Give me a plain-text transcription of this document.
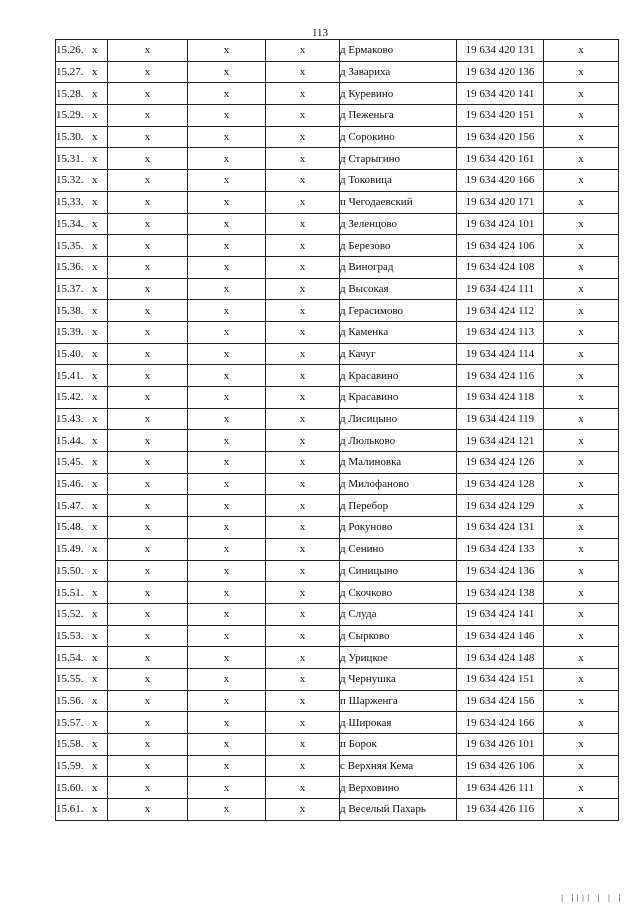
113
15.26. x	x	x	x	д Ермаково	19 634 420 131	x
15.27. x	x	x	x	д Завариха	19 634 420 136	x
15.28. x	x	x	x	д Куревино	19 634 420 141	x
15.29. x	x	x	x	д Пеженьга	19 634 420 151	x
15.30. x	x	x	x	д Сорокино	19 634 420 156	x
15.31. x	x	x	x	д Старыгино	19 634 420 161	x
15.32. x	x	x	x	д Токовица	19 634 420 166	x
15.33. x	x	x	x	п Чегодаевский	19 634 420 171	x
15.34. x	x	x	x	д Зеленцово	19 634 424 101	x
15.35. x	x	x	x	д Березово	19 634 424 106	x
15.36. x	x	x	x	д Виноград	19 634 424 108	x
15.37. x	x	x	x	д Высокая	19 634 424 111	x
15.38. x	x	x	x	д Герасимово	19 634 424 112	x
15.39. x	x	x	x	д Каменка	19 634 424 113	x
15.40. x	x	x	x	д Качуг	19 634 424 114	x
15.41. x	x	x	x	д Красавино	19 634 424 116	x
15.42. x	x	x	x	д Красавино	19 634 424 118	x
15.43. x	x	x	x	д Лисицыно	19 634 424 119	x
15.44. x	x	x	x	д Люльково	19 634 424 121	x
15.45. x	x	x	x	д Малиновка	19 634 424 126	x
15.46. x	x	x	x	д Милофаново	19 634 424 128	x
15.47. x	x	x	x	д Перебор	19 634 424 129	x
15.48. x	x	x	x	д Рокуново	19 634 424 131	x
15.49. x	x	x	x	д Сенино	19 634 424 133	x
15.50. x	x	x	x	д Синицыно	19 634 424 136	x
15.51. x	x	x	x	д Скочково	19 634 424 138	x
15.52. x	x	x	x	д Слуда	19 634 424 141	x
15.53. x	x	x	x	д Сырково	19 634 424 146	x
15.54. x	x	x	x	д Урицкое	19 634 424 148	x
15.55. x	x	x	x	д Чернушка	19 634 424 151	x
15.56. x	x	x	x	п Шарженга	19 634 424 156	x
15.57. x	x	x	x	д Широкая	19 634 424 166	x
15.58. x	x	x	x	п Борок	19 634 426 101	x
15.59. x	x	x	x	с Верхняя Кема	19 634 426 106	x
15.60. x	x	x	x	д Верховино	19 634 426 111	x
15.61. x	x	x	x	д Веселый Пахарь	19 634 426 116	x
| |||| | | |
